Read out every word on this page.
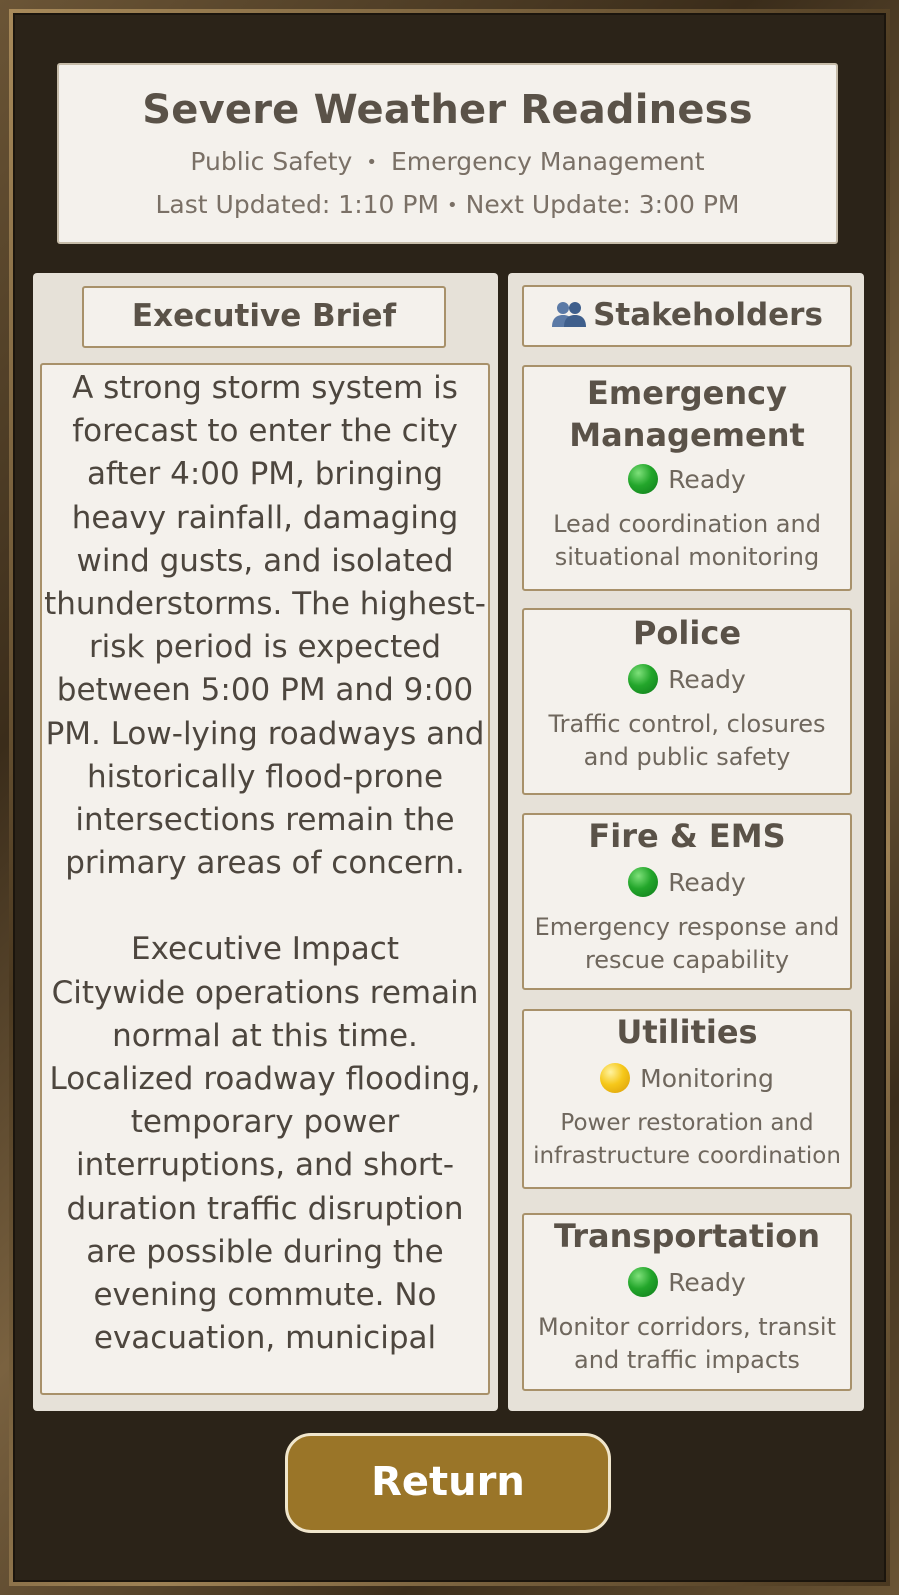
Severe Weather Readiness
Public Safety • Emergency Management
Last Updated: 1:10 PM • Next Update: 3:00 PM
Executive Brief

A strong storm system is forecast to enter the city after 4:00 PM, bringing heavy rainfall, damaging wind gusts, and isolated thunderstorms. The highest-risk period is expected between 5:00 PM and 9:00 PM. Low-lying roadways and historically flood-prone intersections remain the primary areas of concern.

Executive Impact

Citywide operations remain normal at this time. Localized roadway flooding, temporary power interruptions, and short-duration traffic disruption are possible during the evening commute. No evacuation, municipal

Stakeholders
Emergency Management
Ready
Lead coordination and situational monitoring
Police
Ready
Traffic control, closures and public safety
Fire & EMS
Ready
Emergency response and rescue capability
Utilities
Monitoring
Power restoration and infrastructure coordination
Transportation
Ready
Monitor corridors, transit and traffic impacts
Return
